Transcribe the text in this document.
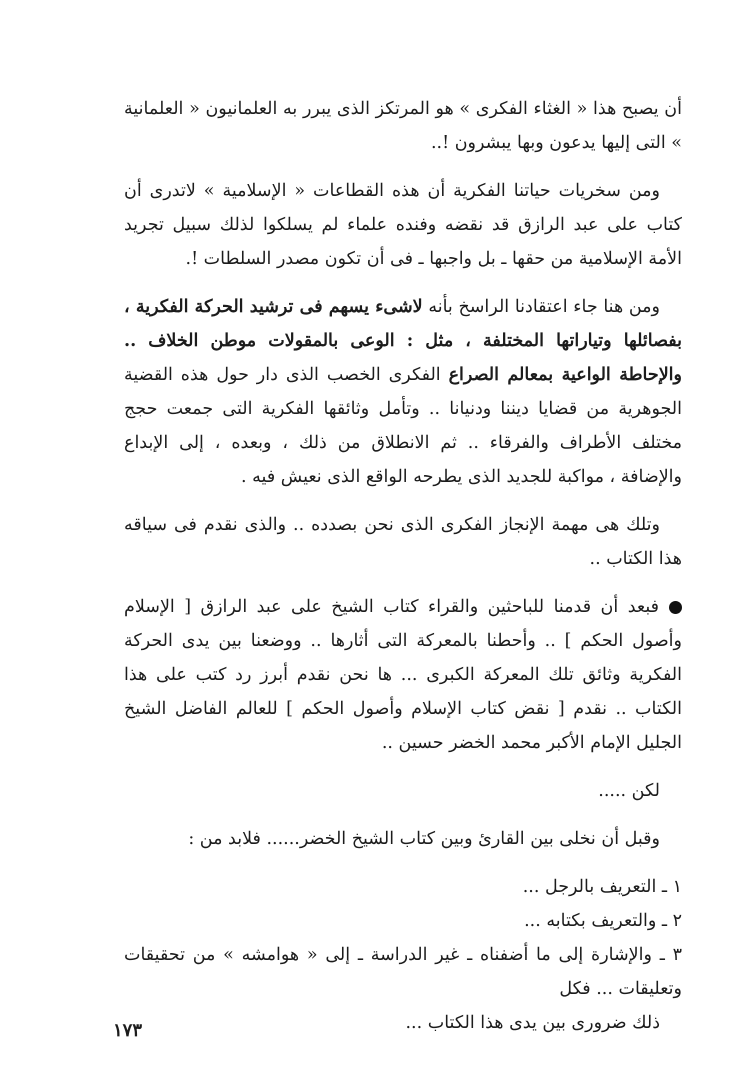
أن يصبح هذا « الغثاء الفكرى » هو المرتكز الذى يبرر به العلمانيون « العلمانية » التى إليها يدعون وبها يبشرون !..

ومن سخريات حياتنا الفكرية أن هذه القطاعات « الإسلامية » لاتدرى أن كتاب على عبد الرازق قد نقضه وفنده علماء لم يسلكوا لذلك سبيل تجريد الأمة الإسلامية من حقها ـ بل واجبها ـ فى أن تكون مصدر السلطات !.

ومن هنا جاء اعتقادنا الراسخ بأنه لاشىء يسهم فى ترشيد الحركة الفكرية ، بفصائلها وتياراتها المختلفة ، مثل : الوعى بالمقولات موطن الخلاف .. والإحاطة الواعية بمعالم الصراع الفكرى الخصب الذى دار حول هذه القضية الجوهرية من قضايا ديننا ودنيانا .. وتأمل وثائقها الفكرية التى جمعت حجج مختلف الأطراف والفرقاء .. ثم الانطلاق من ذلك ، وبعده ، إلى الإبداع والإضافة ، مواكبة للجديد الذى يطرحه الواقع الذى نعيش فيه .

وتلك هى مهمة الإنجاز الفكرى الذى نحن بصدده .. والذى نقدم فى سياقه هذا الكتاب ..

فبعد أن قدمنا للباحثين والقراء كتاب الشيخ على عبد الرازق [ الإسلام وأصول الحكم ] .. وأحطنا بالمعركة التى أثارها .. ووضعنا بين يدى الحركة الفكرية وثائق تلك المعركة الكبرى ... ها نحن نقدم أبرز رد كتب على هذا الكتاب .. نقدم [ نقض كتاب الإسلام وأصول الحكم ] للعالم الفاضل الشيخ الجليل الإمام الأكبر محمد الخضر حسين ..

لكن .....

وقبل أن نخلى بين القارئ وبين كتاب الشيخ الخضر...... فلابد من :

١ ـ التعريف بالرجل ...

٢ ـ والتعريف بكتابه ...

٣ ـ والإشارة إلى ما أضفناه ـ غير الدراسة ـ إلى « هوامشه » من تحقيقات وتعليقات ... فكل

ذلك ضرورى بين يدى هذا الكتاب ...

١٧٣
